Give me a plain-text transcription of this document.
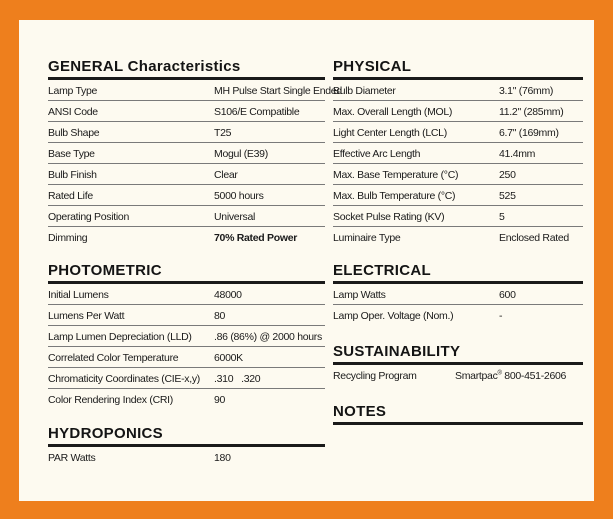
GENERAL Characteristics
Lamp Type	MH Pulse Start Single Ended
ANSI Code	S106/E Compatible
Bulb Shape	T25
Base Type	Mogul (E39)
Bulb Finish	Clear
Rated Life	5000 hours
Operating Position	Universal
Dimming	70% Rated Power
PHOTOMETRIC
Initial Lumens	48000
Lumens Per Watt	80
Lamp Lumen Depreciation (LLD) .86 (86%) @ 2000 hours
Correlated Color Temperature	6000K
Chromaticity Coordinates (CIE-x,y) .310   .320
Color Rendering Index (CRI)	90
HYDROPONICS
PAR Watts	180
PHYSICAL
Bulb Diameter	3.1" (76mm)
Max. Overall Length (MOL)	11.2" (285mm)
Light Center Length (LCL)	6.7" (169mm)
Effective Arc Length	41.4mm
Max. Base Temperature (°C)	250
Max. Bulb Temperature (°C)	525
Socket Pulse Rating (KV)	5
Luminaire Type	Enclosed Rated
ELECTRICAL
Lamp Watts	600
Lamp Oper. Voltage (Nom.)	-
SUSTAINABILITY
Recycling Program	Smartpac® 800-451-2606
NOTES
